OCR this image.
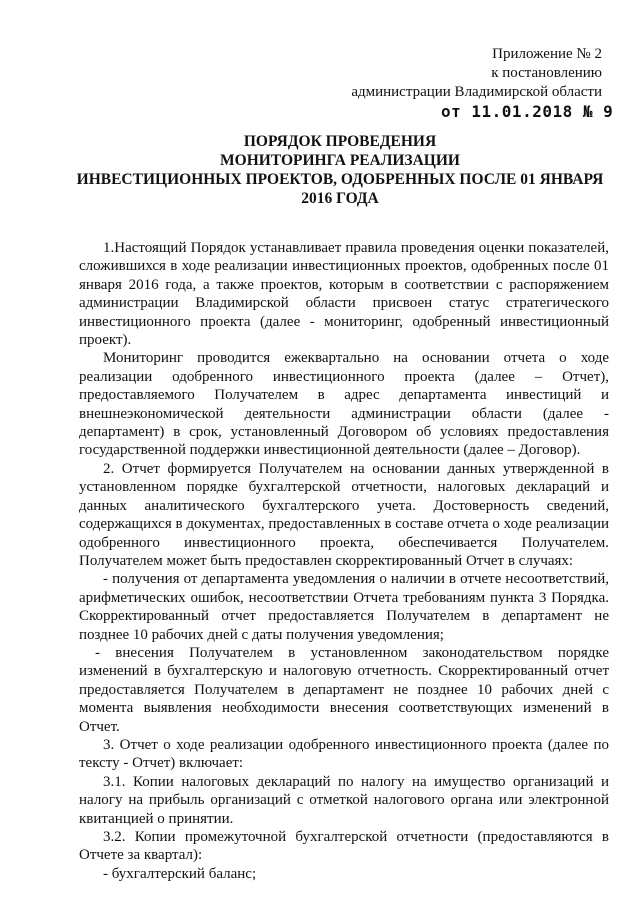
Приложение № 2
к постановлению
администрации Владимирской области
от 11.01.2018 № 9
ПОРЯДОК ПРОВЕДЕНИЯ
МОНИТОРИНГА РЕАЛИЗАЦИИ
ИНВЕСТИЦИОННЫХ ПРОЕКТОВ, ОДОБРЕННЫХ ПОСЛЕ 01 ЯНВАРЯ
2016 ГОДА

1.Настоящий Порядок устанавливает правила проведения оценки показателей, сложившихся в ходе реализации инвестиционных проектов, одобренных после 01 января 2016 года, а также проектов, которым в соответствии с распоряжением администрации Владимирской области присвоен статус стратегического инвестиционного проекта (далее - мониторинг, одобренный инвестиционный проект).

Мониторинг проводится ежеквартально на основании отчета о ходе реализации одобренного инвестиционного проекта (далее – Отчет), предоставляемого Получателем в адрес департамента инвестиций и внешнеэкономической деятельности администрации области (далее - департамент) в срок, установленный Договором об условиях предоставления государственной поддержки инвестиционной деятельности (далее – Договор).

2. Отчет формируется Получателем на основании данных утвержденной в установленном порядке бухгалтерской отчетности, налоговых деклараций и данных аналитического бухгалтерского учета. Достоверность сведений, содержащихся в документах, предоставленных в составе отчета о ходе реализации одобренного инвестиционного проекта, обеспечивается Получателем. Получателем может быть предоставлен скорректированный Отчет в случаях:

- получения от департамента уведомления о наличии в отчете несоответствий, арифметических ошибок, несоответствии Отчета требованиям пункта 3 Порядка. Скорректированный отчет предоставляется Получателем в департамент не позднее 10 рабочих дней с даты получения уведомления;

- внесения Получателем в установленном законодательством порядке изменений в бухгалтерскую и налоговую отчетность. Скорректированный отчет предоставляется Получателем в департамент не позднее 10 рабочих дней с момента выявления необходимости внесения соответствующих изменений в Отчет.

3. Отчет о ходе реализации одобренного инвестиционного проекта (далее по тексту - Отчет) включает:

3.1. Копии налоговых деклараций по налогу на имущество организаций и налогу на прибыль организаций с отметкой налогового органа или электронной квитанцией о принятии.

3.2. Копии промежуточной бухгалтерской отчетности (предоставляются в Отчете за квартал):

- бухгалтерский баланс;
